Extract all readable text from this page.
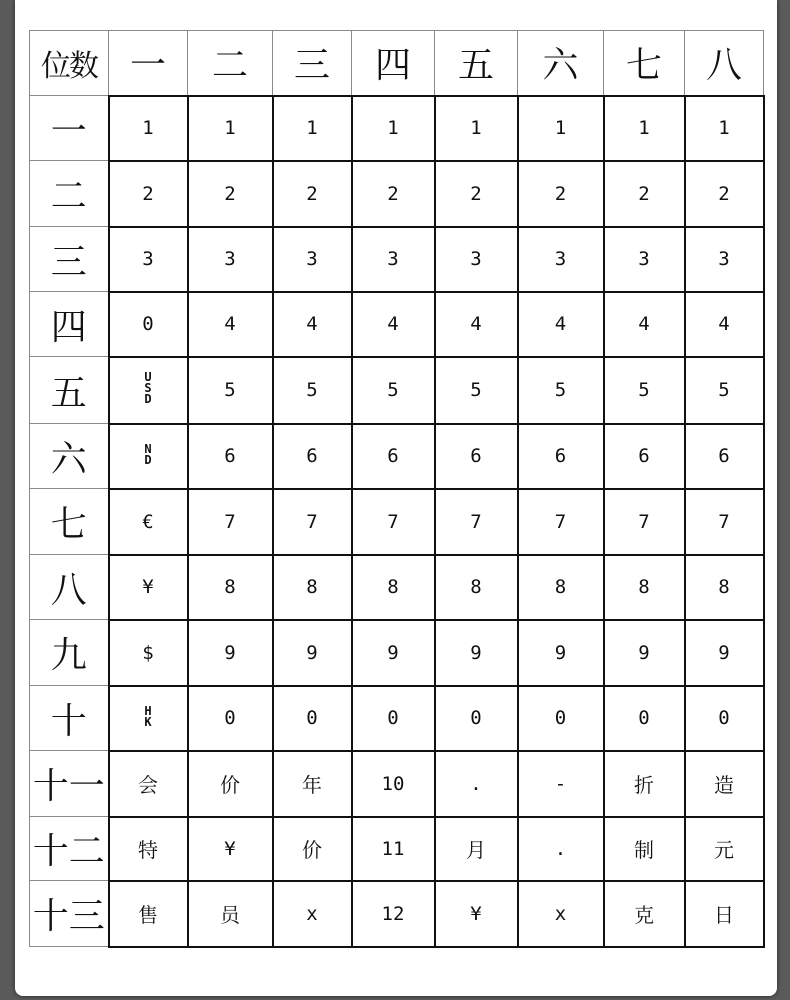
位数	一	二	三	四	五	六	七	八
一	1	1	1	1	1	1	1	1
二	2	2	2	2	2	2	2	2
三	3	3	3	3	3	3	3	3
四	0	4	4	4	4	4	4	4
五	USD	5	5	5	5	5	5	5
六	ND	6	6	6	6	6	6	6
七	€	7	7	7	7	7	7	7
八	¥	8	8	8	8	8	8	8
九	$	9	9	9	9	9	9	9
十	HK	0	0	0	0	0	0	0
十一	会	价	年	10	.	-	折	造
十二	特	¥	价	11	月	.	制	元
十三	售	员	x	12	¥	x	克	日
